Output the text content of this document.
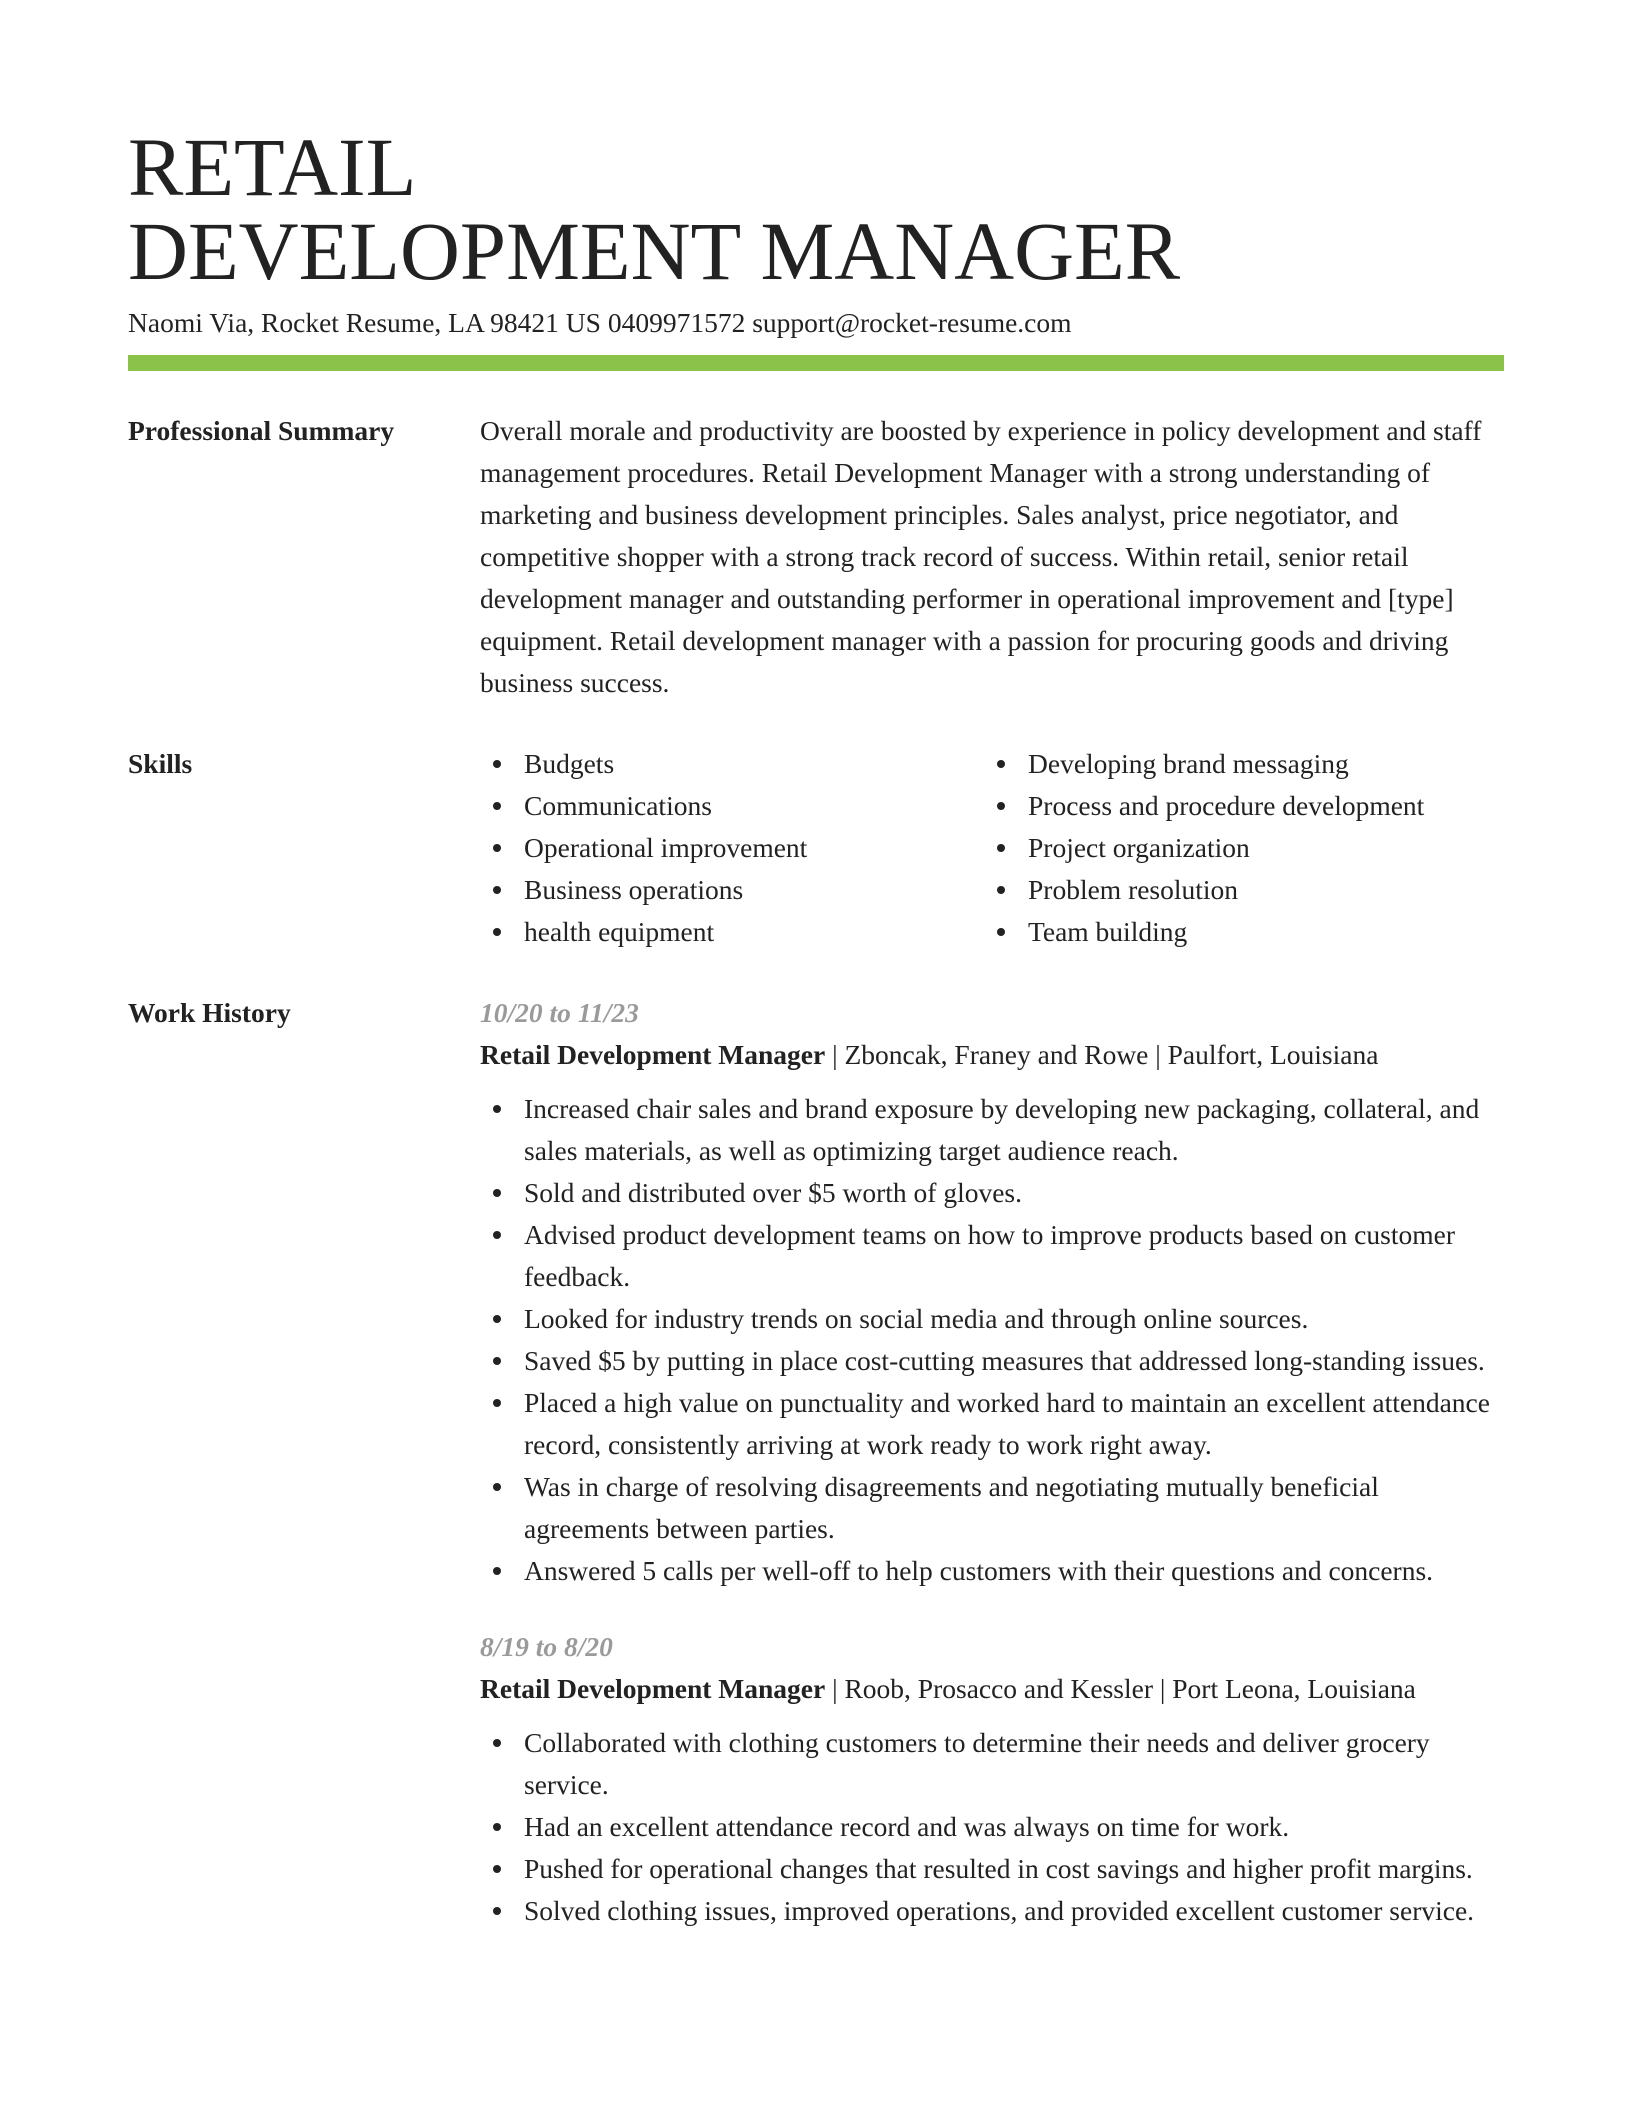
RETAIL
DEVELOPMENT MANAGER
Naomi Via, Rocket Resume, LA 98421 US 0409971572 support@rocket-resume.com
Professional Summary	Overall morale and productivity are boosted by experience in policy development and staff management procedures. Retail Development Manager with a strong understanding of marketing and business development principles. Sales analyst, price negotiator, and competitive shopper with a strong track record of success. Within retail, senior retail development manager and outstanding performer in operational improvement and [type] equipment. Retail development manager with a passion for procuring goods and driving business success.

Skills	Budgets
Communications
Operational improvement
Business operations
health equipment
Developing brand messaging
Process and procedure development
Project organization
Problem resolution
Team building
Work History	10/20 to 11/23
Retail Development Manager | Zboncak, Franey and Rowe | Paulfort, Louisiana
Increased chair sales and brand exposure by developing new packaging, collateral, and sales materials, as well as optimizing target audience reach.
Sold and distributed over $5 worth of gloves.
Advised product development teams on how to improve products based on customer feedback.
Looked for industry trends on social media and through online sources.
Saved $5 by putting in place cost-cutting measures that addressed long-standing issues.
Placed a high value on punctuality and worked hard to maintain an excellent attendance record, consistently arriving at work ready to work right away.
Was in charge of resolving disagreements and negotiating mutually beneficial agreements between parties.
Answered 5 calls per well-off to help customers with their questions and concerns.
8/19 to 8/20
Retail Development Manager | Roob, Prosacco and Kessler | Port Leona, Louisiana
Collaborated with clothing customers to determine their needs and deliver grocery service.
Had an excellent attendance record and was always on time for work.
Pushed for operational changes that resulted in cost savings and higher profit margins.
Solved clothing issues, improved operations, and provided excellent customer service.
